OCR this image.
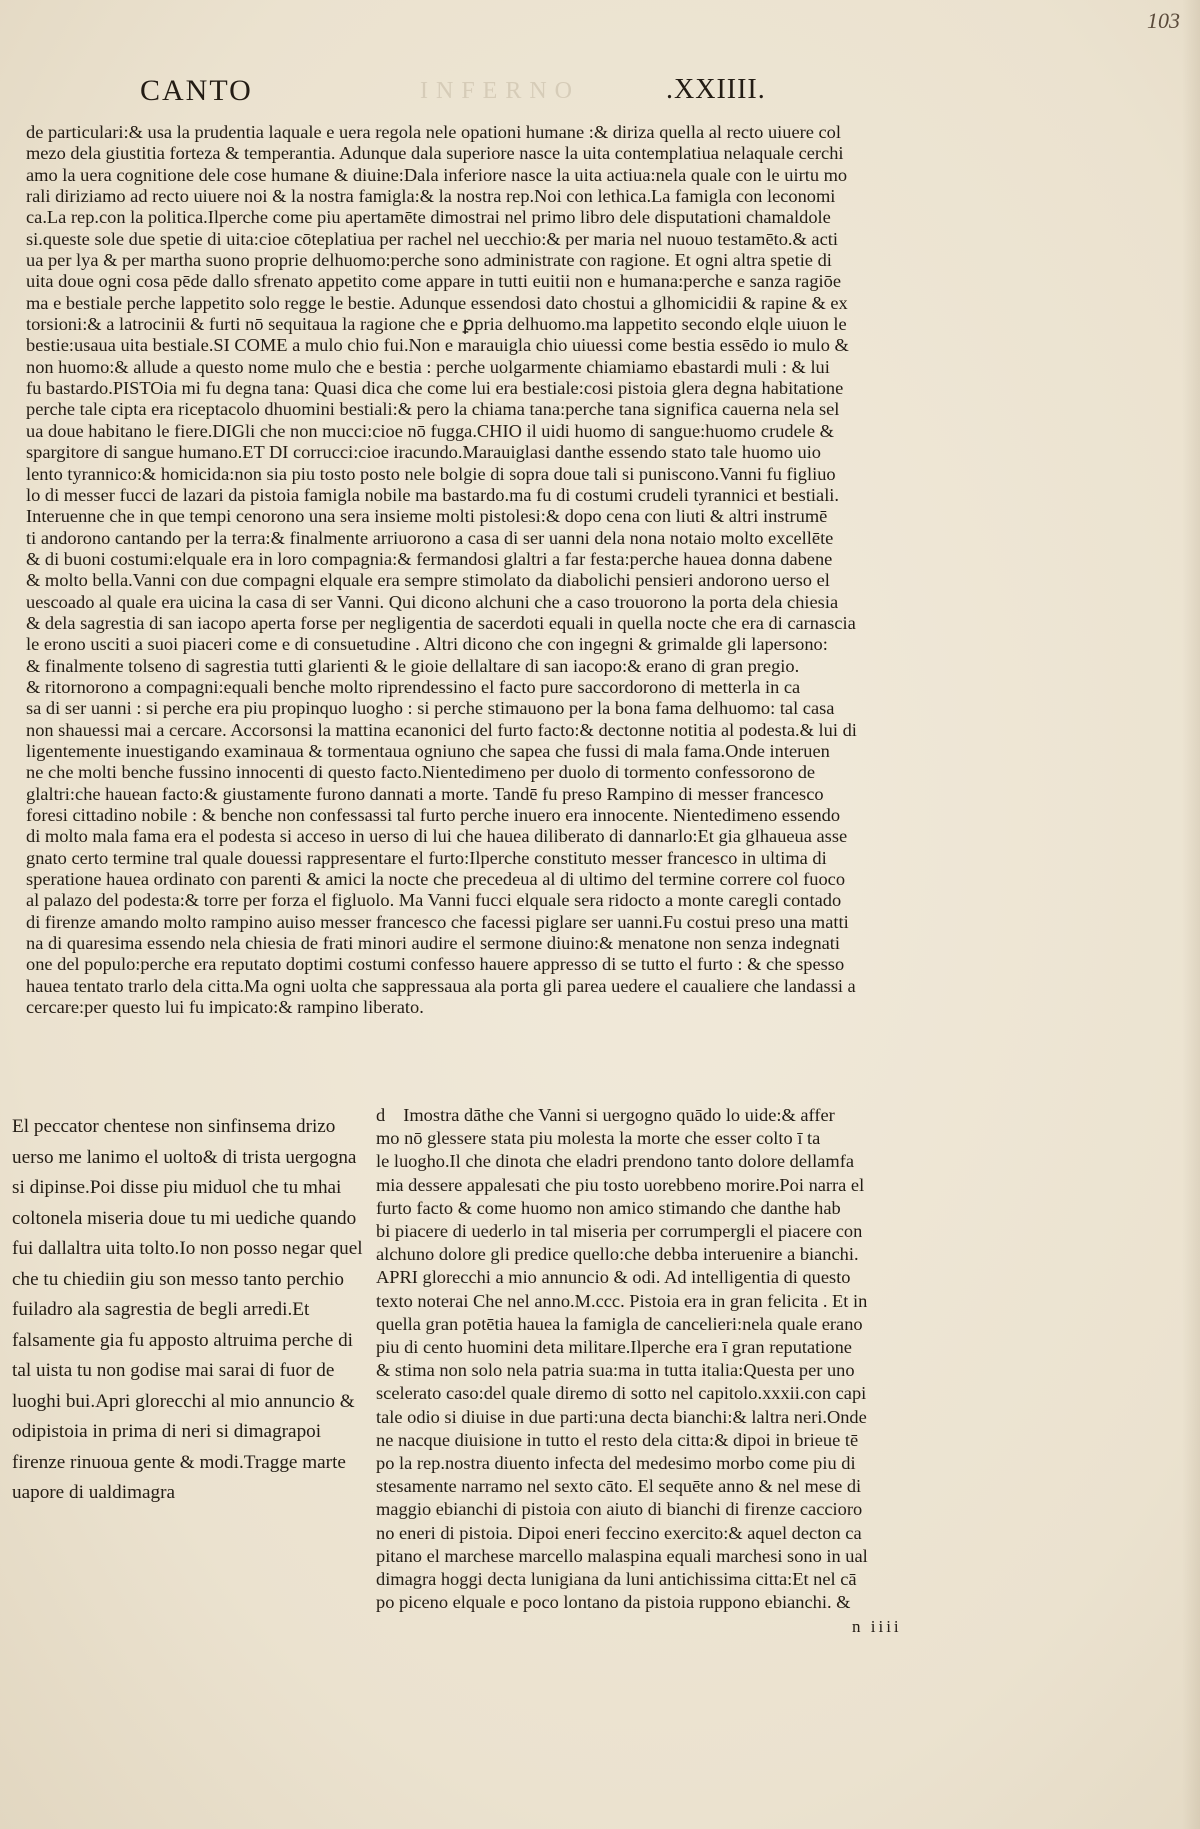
103
CANTO	INFERNO	.XXIIII.
de particulari:& usa la prudentia laquale e uera regola nele opationi humane :& diriza quella al recto uiuere col
mezo dela giustitia forteza & temperantia. Adunque dala superiore nasce la uita contemplatiua nelaquale cerchi
amo la uera cognitione dele cose humane & diuine:Dala inferiore nasce la uita actiua:nela quale con le uirtu mo
rali diriziamo ad recto uiuere noi & la nostra famigla:& la nostra rep.Noi con lethica.La famigla con leconomi
ca.La rep.con la politica.Ilperche come piu apertamēte dimostrai nel primo libro dele disputationi chamaldole
si.queste sole due spetie di uita:cioe cōteplatiua per rachel nel uecchio:& per maria nel nuouo testamēto.& acti
ua per lya & per martha suono proprie delhuomo:perche sono administrate con ragione. Et ogni altra spetie di
uita doue ogni cosa pēde dallo sfrenato appetito come appare in tutti euitii non e humana:perche e sanza ragiōe
ma e bestiale perche lappetito solo regge le bestie. Adunque essendosi dato chostui a glhomicidii & rapine & ex
torsioni:& a latrocinii & furti nō sequitaua la ragione che e ꝑpria delhuomo.ma lappetito secondo elqle uiuon le
bestie:usaua uita bestiale.SI COME a mulo chio fui.Non e marauigla chio uiuessi come bestia essēdo io mulo &
non huomo:& allude a questo nome mulo che e bestia : perche uolgarmente chiamiamo ebastardi muli : & lui
fu bastardo.PISTOia mi fu degna tana: Quasi dica che come lui era bestiale:cosi pistoia glera degna habitatione
perche tale cipta era riceptacolo dhuomini bestiali:& pero la chiama tana:perche tana significa cauerna nela sel
ua doue habitano le fiere.DIGli che non mucci:cioe nō fugga.CHIO il uidi huomo di sangue:huomo crudele &
spargitore di sangue humano.ET DI corrucci:cioe iracundo.Marauiglasi danthe essendo stato tale huomo uio
lento tyrannico:& homicida:non sia piu tosto posto nele bolgie di sopra doue tali si puniscono.Vanni fu figliuo
lo di messer fucci de lazari da pistoia famigla nobile ma bastardo.ma fu di costumi crudeli tyrannici et bestiali.
Interuenne che in que tempi cenorono una sera insieme molti pistolesi:& dopo cena con liuti & altri instrumē
ti andorono cantando per la terra:& finalmente arriuorono a casa di ser uanni dela nona notaio molto excellēte
& di buoni costumi:elquale era in loro compagnia:& fermandosi glaltri a far festa:perche hauea donna dabene
& molto bella.Vanni con due compagni elquale era sempre stimolato da diabolichi pensieri andorono uerso el
uescoado al quale era uicina la casa di ser Vanni. Qui dicono alchuni che a caso trouorono la porta dela chiesia
& dela sagrestia di san iacopo aperta forse per negligentia de sacerdoti equali in quella nocte che era di carnascia
le erono usciti a suoi piaceri come e di consuetudine . Altri dicono che con ingegni & grimalde gli lapersono:
& finalmente tolseno di sagrestia tutti glarienti & le gioie dellaltare di san iacopo:& erano di gran pregio.
& ritornorono a compagni:equali benche molto riprendessino el facto pure saccordorono di metterla in ca
sa di ser uanni : si perche era piu propinquo luogho : si perche stimauono per la bona fama delhuomo: tal casa
non shauessi mai a cercare. Accorsonsi la mattina ecanonici del furto facto:& dectonne notitia al podesta.& lui di
ligentemente inuestigando examinaua & tormentaua ogniuno che sapea che fussi di mala fama.Onde interuen
ne che molti benche fussino innocenti di questo facto.Nientedimeno per duolo di tormento confessorono de
glaltri:che hauean facto:& giustamente furono dannati a morte. Tandē fu preso Rampino di messer francesco
foresi cittadino nobile : & benche non confessassi tal furto perche inuero era innocente. Nientedimeno essendo
di molto mala fama era el podesta si acceso in uerso di lui che hauea diliberato di dannarlo:Et gia glhaueua asse
gnato certo termine tral quale douessi rappresentare el furto:Ilperche constituto messer francesco in ultima di
speratione hauea ordinato con parenti & amici la nocte che precedeua al di ultimo del termine correre col fuoco
al palazo del podesta:& torre per forza el figluolo. Ma Vanni fucci elquale sera ridocto a monte caregli contado
di firenze amando molto rampino auiso messer francesco che facessi piglare ser uanni.Fu costui preso una matti
na di quaresima essendo nela chiesia de frati minori audire el sermone diuino:& menatone non senza indegnati
one del populo:perche era reputato doptimi costumi confesso hauere appresso di se tutto el furto : & che spesso
hauea tentato trarlo dela citta.Ma ogni uolta che sappressaua ala porta gli parea uedere el caualiere che landassi a
cercare:per questo lui fu impicato:& rampino liberato.
El peccator chentese non sinfinsema drizo uerso me lanimo el uolto& di trista uergogna si dipinse.Poi disse piu miduol che tu mhai coltonela miseria doue tu mi uediche quando fui dallaltra uita tolto.Io non posso negar quel che tu chiediin giu son messo tanto perchio fuiladro ala sagrestia de begli arredi.Et falsamente gia fu apposto altruima perche di tal uista tu non godise mai sarai di fuor de luoghi bui.Apri glorecchi al mio annuncio & odipistoia in prima di neri si dimagrapoi firenze rinuoua gente & modi.Tragge marte uapore di ualdimagra
d Imostra dāthe che Vanni si uergogno quādo lo uide:& affer
mo nō glessere stata piu molesta la morte che esser colto ī ta
le luogho.Il che dinota che eladri prendono tanto dolore dellamfa
mia dessere appalesati che piu tosto uorebbeno morire.Poi narra el
furto facto & come huomo non amico stimando che danthe hab
bi piacere di uederlo in tal miseria per corrumpergli el piacere con
alchuno dolore gli predice quello:che debba interuenire a bianchi.
APRI glorecchi a mio annuncio & odi. Ad intelligentia di questo
texto noterai Che nel anno.M.ccc. Pistoia era in gran felicita . Et in
quella gran potētia hauea la famigla de cancelieri:nela quale erano
piu di cento huomini deta militare.Ilperche era ī gran reputatione
& stima non solo nela patria sua:ma in tutta italia:Questa per uno
scelerato caso:del quale diremo di sotto nel capitolo.xxxii.con capi
tale odio si diuise in due parti:una decta bianchi:& laltra neri.Onde
ne nacque diuisione in tutto el resto dela citta:& dipoi in brieue tē
po la rep.nostra diuento infecta del medesimo morbo come piu di
stesamente narramo nel sexto cāto. El sequēte anno & nel mese di
maggio ebianchi di pistoia con aiuto di bianchi di firenze caccioro
no eneri di pistoia. Dipoi eneri feccino exercito:& aquel decton ca
pitano el marchese marcello malaspina equali marchesi sono in ual
dimagra hoggi decta lunigiana da luni antichissima citta:Et nel cā
po piceno elquale e poco lontano da pistoia ruppono ebianchi. &
n iiii
